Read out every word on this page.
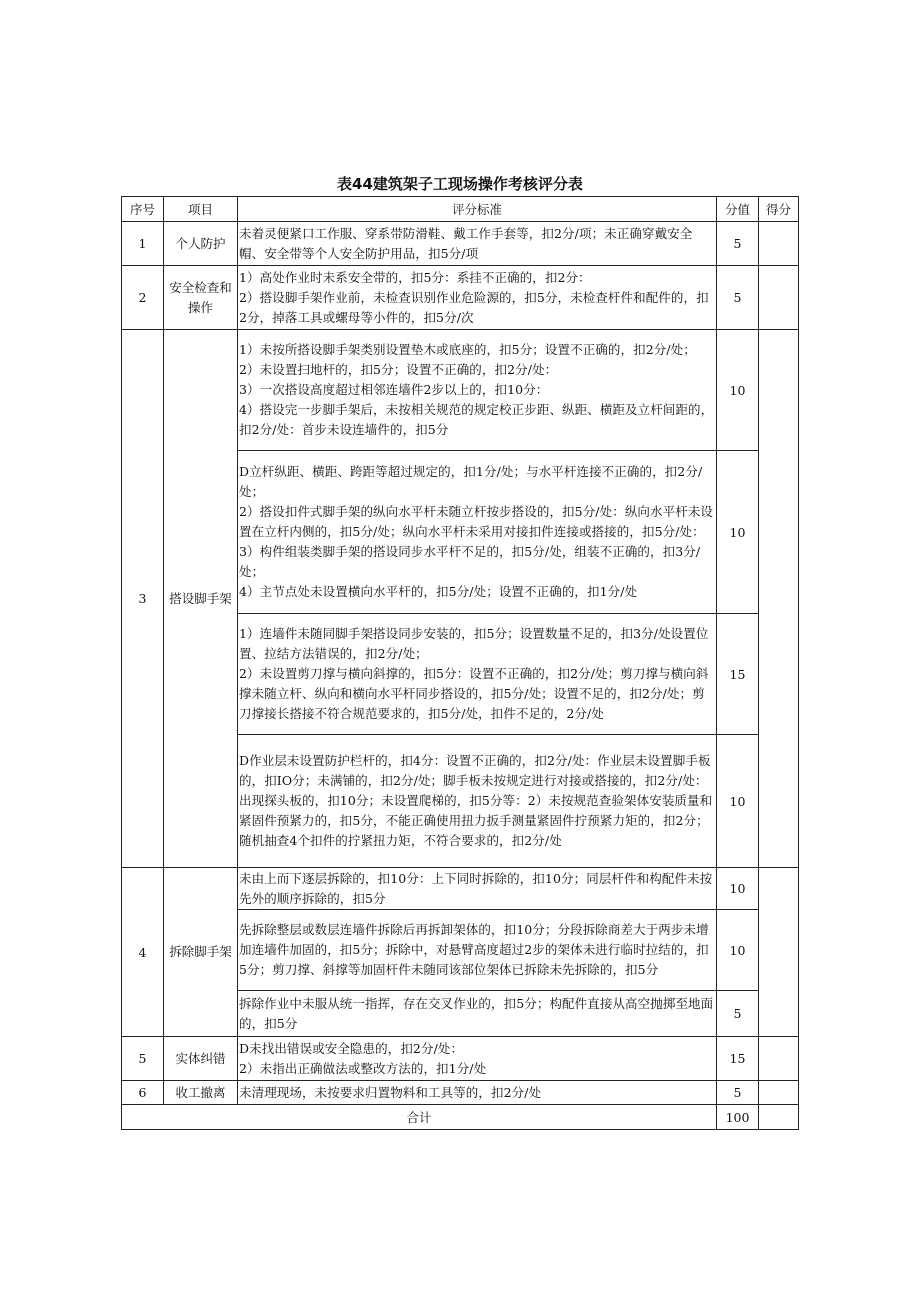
表44建筑架子工现场操作考核评分表
序号	项目	评分标准	分值	得分
1	个人防护	未着灵便紧口工作服、穿系带防滑鞋、戴工作手套等，扣2分/项；未正确穿戴安全帽、安全带等个人安全防护用品，扣5分/项	5	
2	安全检查和操作	1）高处作业时未系安全带的，扣5分：系挂不正确的，扣2分：
2）搭设脚手架作业前，未检查识别作业危险源的，扣5分，未检查杆件和配件的，扣2分，掉落工具或螺母等小件的，扣5分/次	5	
3	搭设脚手架	1）未按所搭设脚手架类别设置垫木或底座的，扣5分；设置不正确的，扣2分/处；
2）未设置扫地杆的，扣5分；设置不正确的，扣2分/处：
3）一次搭设高度超过相邻连墙件2步以上的，扣10分：
4）搭设完一步脚手架后，未按相关规范的规定校正步距、纵距、横距及立杆间距的，扣2分/处：首步未设连墙件的，扣5分	10	

		D立杆纵距、横距、跨距等超过规定的，扣1分/处；与水平杆连接不正确的，扣2分/处；
2）搭设扣件式脚手架的纵向水平杆未随立杆按步搭设的，扣5分/处：纵向水平杆未设置在立杆内侧的，扣5分/处；纵向水平杆未采用对接扣件连接或搭接的，扣5分/处：
3）构件组装类脚手架的搭设同步水平杆不足的，扣5分/处，组装不正确的，扣3分/处；
4）主节点处未设置横向水平杆的，扣5分/处；设置不正确的，扣1分/处	10	

		1）连墙件未随同脚手架搭设同步安装的，扣5分；设置数量不足的，扣3分/处设置位置、拉结方法错误的，扣2分/处；
2）未设置剪刀撑与横向斜撑的，扣5分：设置不正确的，扣2分/处；剪刀撑与横向斜撑未随立杆、纵向和横向水平杆同步搭设的，扣5分/处；设置不足的，扣2分/处；剪刀撑接长搭接不符合规范要求的，扣5分/处，扣件不足的，2分/处	15	

		D作业层未设置防护栏杆的，扣4分：设置不正确的，扣2分/处：作业层未设置脚手板的，扣IO分；未满铺的，扣2分/处；脚手板未按规定进行对接或搭接的，扣2分/处：出现探头板的，扣10分；未设置爬梯的，扣5分等：2）未按规范查验架体安装质量和紧固件预紧力的，扣5分，不能正确使用扭力扳手测量紧固件拧预紧力矩的，扣2分；随机抽查4个扣件的拧紧扭力矩，不符合要求的，扣2分/处	10	
4	拆除脚手架	未由上而下逐层拆除的，扣10分：上下同时拆除的，扣10分；同层杆件和构配件未按先外的顺序拆除的，扣5分	10	

		先拆除整层或数层连墙件拆除后再拆卸架体的，扣10分；分段拆除商差大于两步未增加连墙件加固的，扣5分；拆除中，对悬臂高度超过2步的架体未进行临时拉结的，扣5分；剪刀撑、斜撑等加固杆件未随同该部位架体已拆除未先拆除的，扣5分	10	

		拆除作业中未服从统一指挥，存在交叉作业的，扣5分；构配件直接从高空抛掷至地面的，扣5分	5	
5	实体纠错	D未找出错误或安全隐患的，扣2分/处：
2）未指出正确做法或整改方法的，扣1分/处	15	
6	收工撤离	未清理现场，未按要求归置物料和工具等的，扣2分/处	5	
合计			100	
